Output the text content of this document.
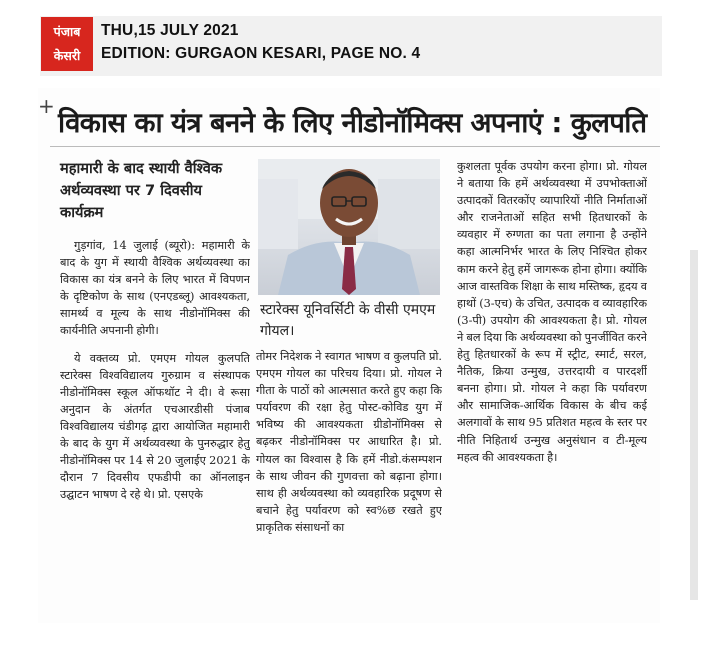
पंजाब
केसरी
THU,15 JULY 2021
EDITION: GURGAON KESARI, PAGE NO. 4
+
विकास का यंत्र बनने के लिए नीडोनॉमिक्स अपनाएं : कुलपति
महामारी के बाद स्थायी वैश्विक अर्थव्यवस्था पर 7 दिवसीय कार्यक्रम

गुड़गांव, 14 जुलाई (ब्यूरो): महामारी के बाद के युग में स्थायी वैश्विक अर्थव्यवस्था का विकास का यंत्र बनने के लिए भारत में विपणन के दृष्टिकोण के साथ (एनएडब्लू) आवश्यकता, सामर्थ्य व मूल्य के साथ नीडोनॉमिक्स की कार्यनीति अपनानी होगी।

ये वक्तव्य प्रो. एमएम गोयल कुलपति स्टारेक्स विश्वविद्यालय गुरुग्राम व संस्थापक नीडोनॉमिक्स स्कूल ऑफथॉट ने दी। वे रूसा अनुदान के अंतर्गत एचआरडीसी पंजाब विश्वविद्यालय चंडीगढ़ द्वारा आयोजित महामारी के बाद के युग में अर्थव्यवस्था के पुनरुद्धार हेतु नीडोनॉमिक्स पर 14 से 20 जुलाईए 2021 के दौरान 7 दिवसीय एफडीपी का ऑनलाइन उद्घाटन भाषण दे रहे थे। प्रो. एसएके

स्टारेक्स यूनिवर्सिटी के वीसी एमएम गोयल।

तोमर निदेशक ने स्वागत भाषण व कुलपति प्रो. एमएम गोयल का परिचय दिया। प्रो. गोयल ने गीता के पाठों को आत्मसात करते हुए कहा कि पर्यावरण की रक्षा हेतु पोस्ट-कोविड युग में भविष्य की आवश्यकता ग्रीडोनॉमिक्स से बढ़कर नीडोनॉमिक्स पर आधारित है। प्रो. गोयल का विश्वास है कि हमें नीडो.कंसम्पशन के साथ जीवन की गुणवत्ता को बढ़ाना होगा। साथ ही अर्थव्यवस्था को व्यवहारिक प्रदूषण से बचाने हेतु पर्यावरण को स्व%छ रखते हुए प्राकृतिक संसाधनों का

कुशलता पूर्वक उपयोग करना होगा। प्रो. गोयल ने बताया कि हमें अर्थव्यवस्था में उपभोक्ताओं उत्पादकों वितरकोंए व्यापारियों नीति निर्माताओं और राजनेताओं सहित सभी हितधारकों के व्यवहार में रुग्णता का पता लगाना है उन्होंने कहा आत्मनिर्भर भारत के लिए निश्चित होकर काम करने हेतु हमें जागरूक होना होगा। क्योंकि आज वास्तविक शिक्षा के साथ मस्तिष्क, हृदय व हाथों (3-एच) के उचित, उत्पादक व व्यावहारिक (3-पी) उपयोग की आवश्यकता है। प्रो. गोयल ने बल दिया कि अर्थव्यवस्था को पुनर्जीवित करने हेतु हितधारकों के रूप में स्ट्रीट, स्मार्ट, सरल, नैतिक, क्रिया उन्मुख, उत्तरदायी व पारदर्शी बनना होगा। प्रो. गोयल ने कहा कि पर्यावरण और सामाजिक-आर्थिक विकास के बीच कई अलगावों के साथ 95 प्रतिशत महत्व के स्तर पर नीति निहितार्थ उन्मुख अनुसंधान व टी-मूल्य महत्व की आवश्यकता है।
